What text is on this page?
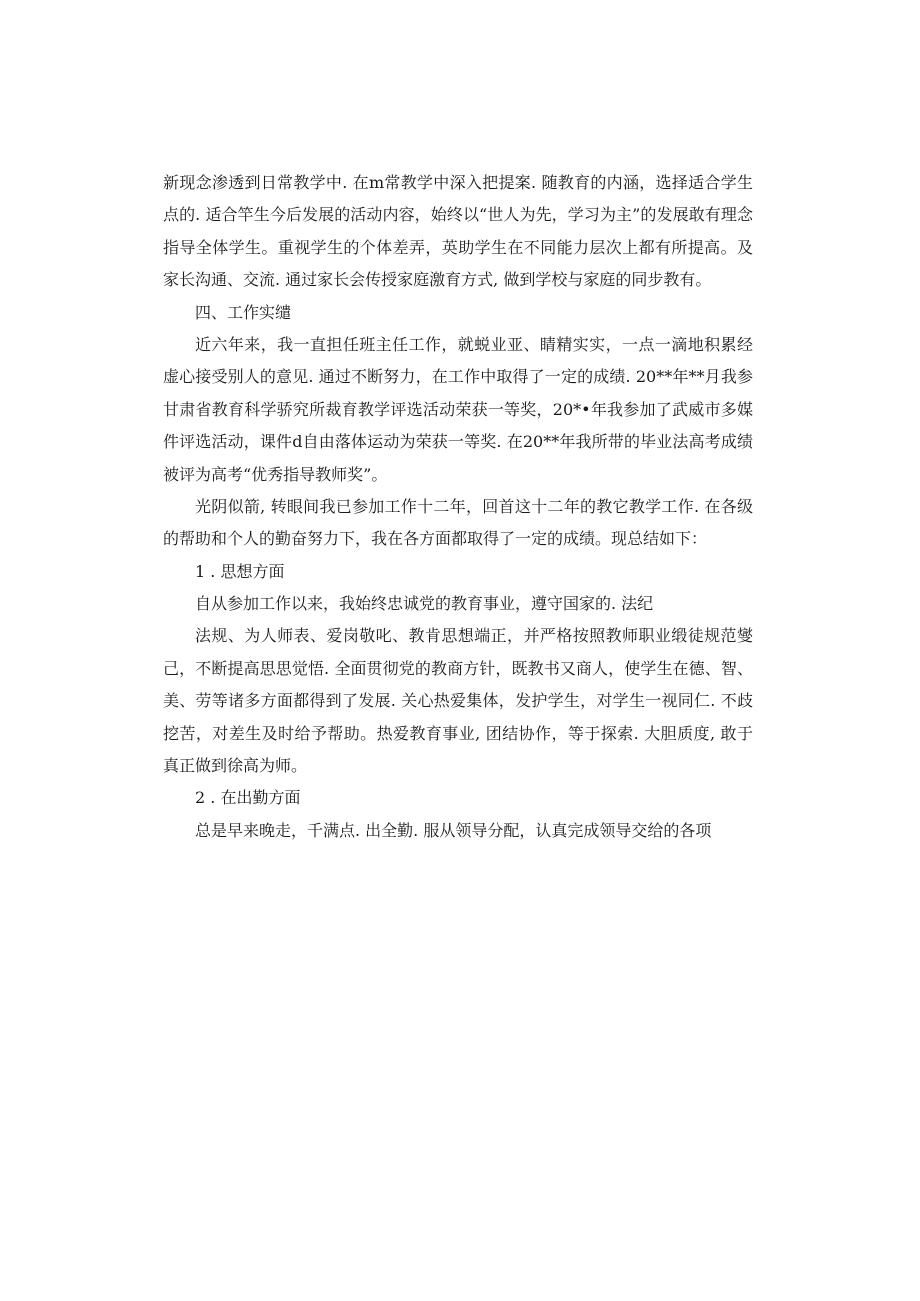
新现念渗透到日常教学中. 在m常教学中深入把提案. 随教育的内涵，选择适合学生
点的. 适合竿生今后发展的活动内容，始终以“世人为先，学习为主”的发展敢有理念
指导全体学生。重视学生的个体差弄，英助学生在不同能力层次上都有所提高。及
家长沟通、交流. 通过家长会传授家庭激育方式, 做到学校与家庭的同步教有。
四、工作实缱
近六年来，我一直担任班主任工作，就蜕业亚、睛精实实，一点一滴地积累经
虚心接受别人的意见. 通过不断努力，在工作中取得了一定的成绩. 20**年**月我参
甘肃省教育科学骄究所裁育教学评选活动荣获一等奖，20*•年我参加了武威市多媒
件评选活动，课件d自由落体运动为荣获一等奖. 在20**年我所带的毕业法高考成绩
被评为高考“优秀指导教师奖”。
光阴似箭, 转眼间我已参加工作十二年，回首这十二年的教它教学工作. 在各级
的帮助和个人的勤奋努力下，我在各方面都取得了一定的成绩。现总结如下：
1 . 思想方面
自从参加工作以来，我始终忠诚党的教育事业，遵守国家的. 法纪
法规、为人师表、爱岗敬叱、教肯思想端正，并严格按照教师职业缎徒规范燮
己，不断提高思思觉悟. 全面贯彻党的教商方针，既教书又商人，使学生在德、智、
美、劳等诸多方面都得到了发展. 关心热爱集体，发护学生，对学生一视同仁. 不歧
挖苦，对差生及时给予帮助。热爱教育事业, 团结协作，等于探索. 大胆质度, 敢于
真正做到徐高为师。
2 . 在出勤方面
总是早来晚走，千满点. 出全勤. 服从领导分配，认真完成领导交给的各项
